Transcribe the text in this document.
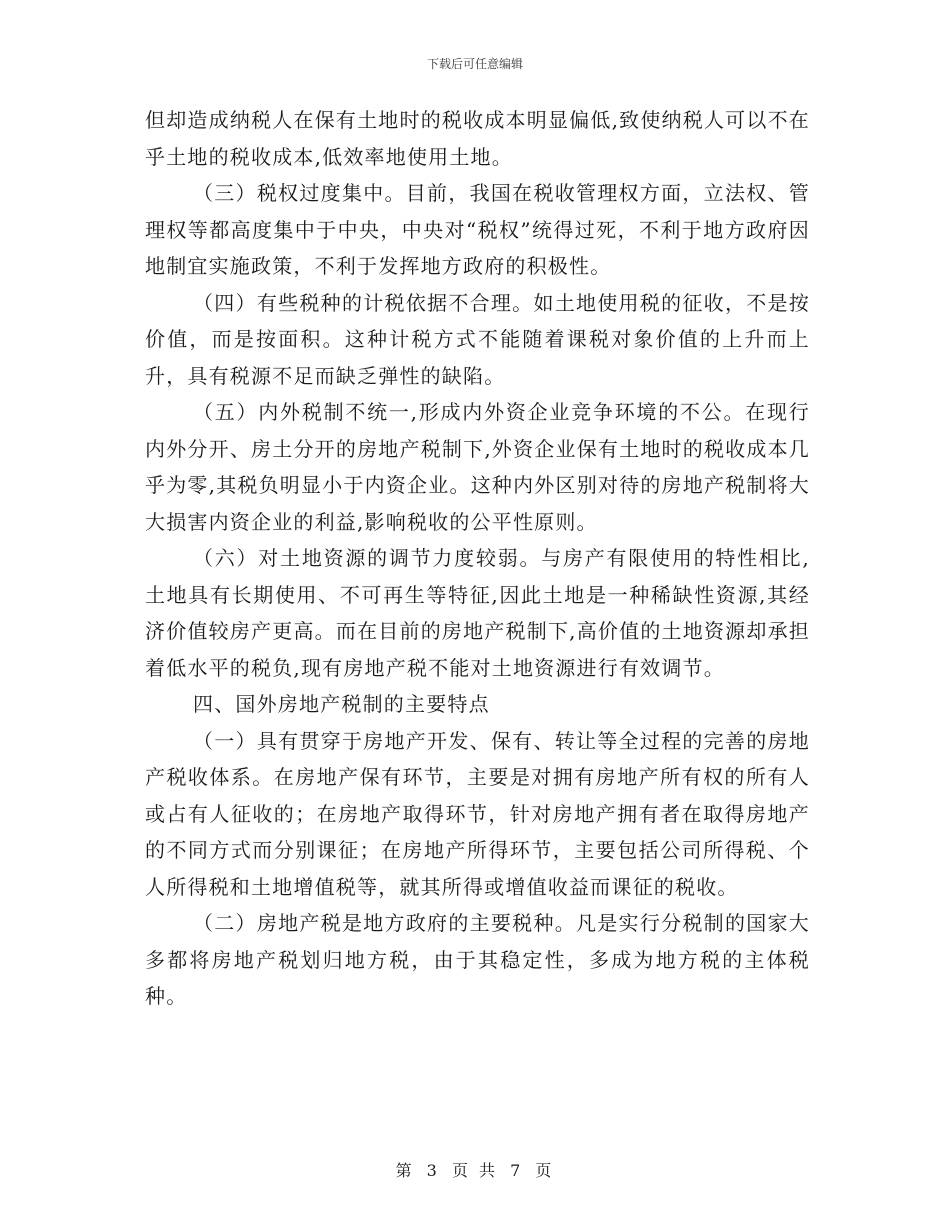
下载后可任意编辑

但却造成纳税人在保有土地时的税收成本明显偏低,致使纳税人可以不在乎土地的税收成本,低效率地使用土地。

（三）税权过度集中。目前，我国在税收管理权方面，立法权、管理权等都高度集中于中央，中央对“税权”统得过死，不利于地方政府因地制宜实施政策，不利于发挥地方政府的积极性。

（四）有些税种的计税依据不合理。如土地使用税的征收，不是按价值，而是按面积。这种计税方式不能随着课税对象价值的上升而上升，具有税源不足而缺乏弹性的缺陷。

（五）内外税制不统一,形成内外资企业竞争环境的不公。在现行内外分开、房土分开的房地产税制下,外资企业保有土地时的税收成本几乎为零,其税负明显小于内资企业。这种内外区别对待的房地产税制将大大损害内资企业的利益,影响税收的公平性原则。

（六）对土地资源的调节力度较弱。与房产有限使用的特性相比,土地具有长期使用、不可再生等特征,因此土地是一种稀缺性资源,其经济价值较房产更高。而在目前的房地产税制下,高价值的土地资源却承担着低水平的税负,现有房地产税不能对土地资源进行有效调节。

四、国外房地产税制的主要特点

（一）具有贯穿于房地产开发、保有、转让等全过程的完善的房地产税收体系。在房地产保有环节，主要是对拥有房地产所有权的所有人或占有人征收的；在房地产取得环节，针对房地产拥有者在取得房地产的不同方式而分别课征；在房地产所得环节，主要包括公司所得税、个人所得税和土地增值税等，就其所得或增值收益而课征的税收。

（二）房地产税是地方政府的主要税种。凡是实行分税制的国家大多都将房地产税划归地方税，由于其稳定性，多成为地方税的主体税种。

第 3 页 共 7 页
